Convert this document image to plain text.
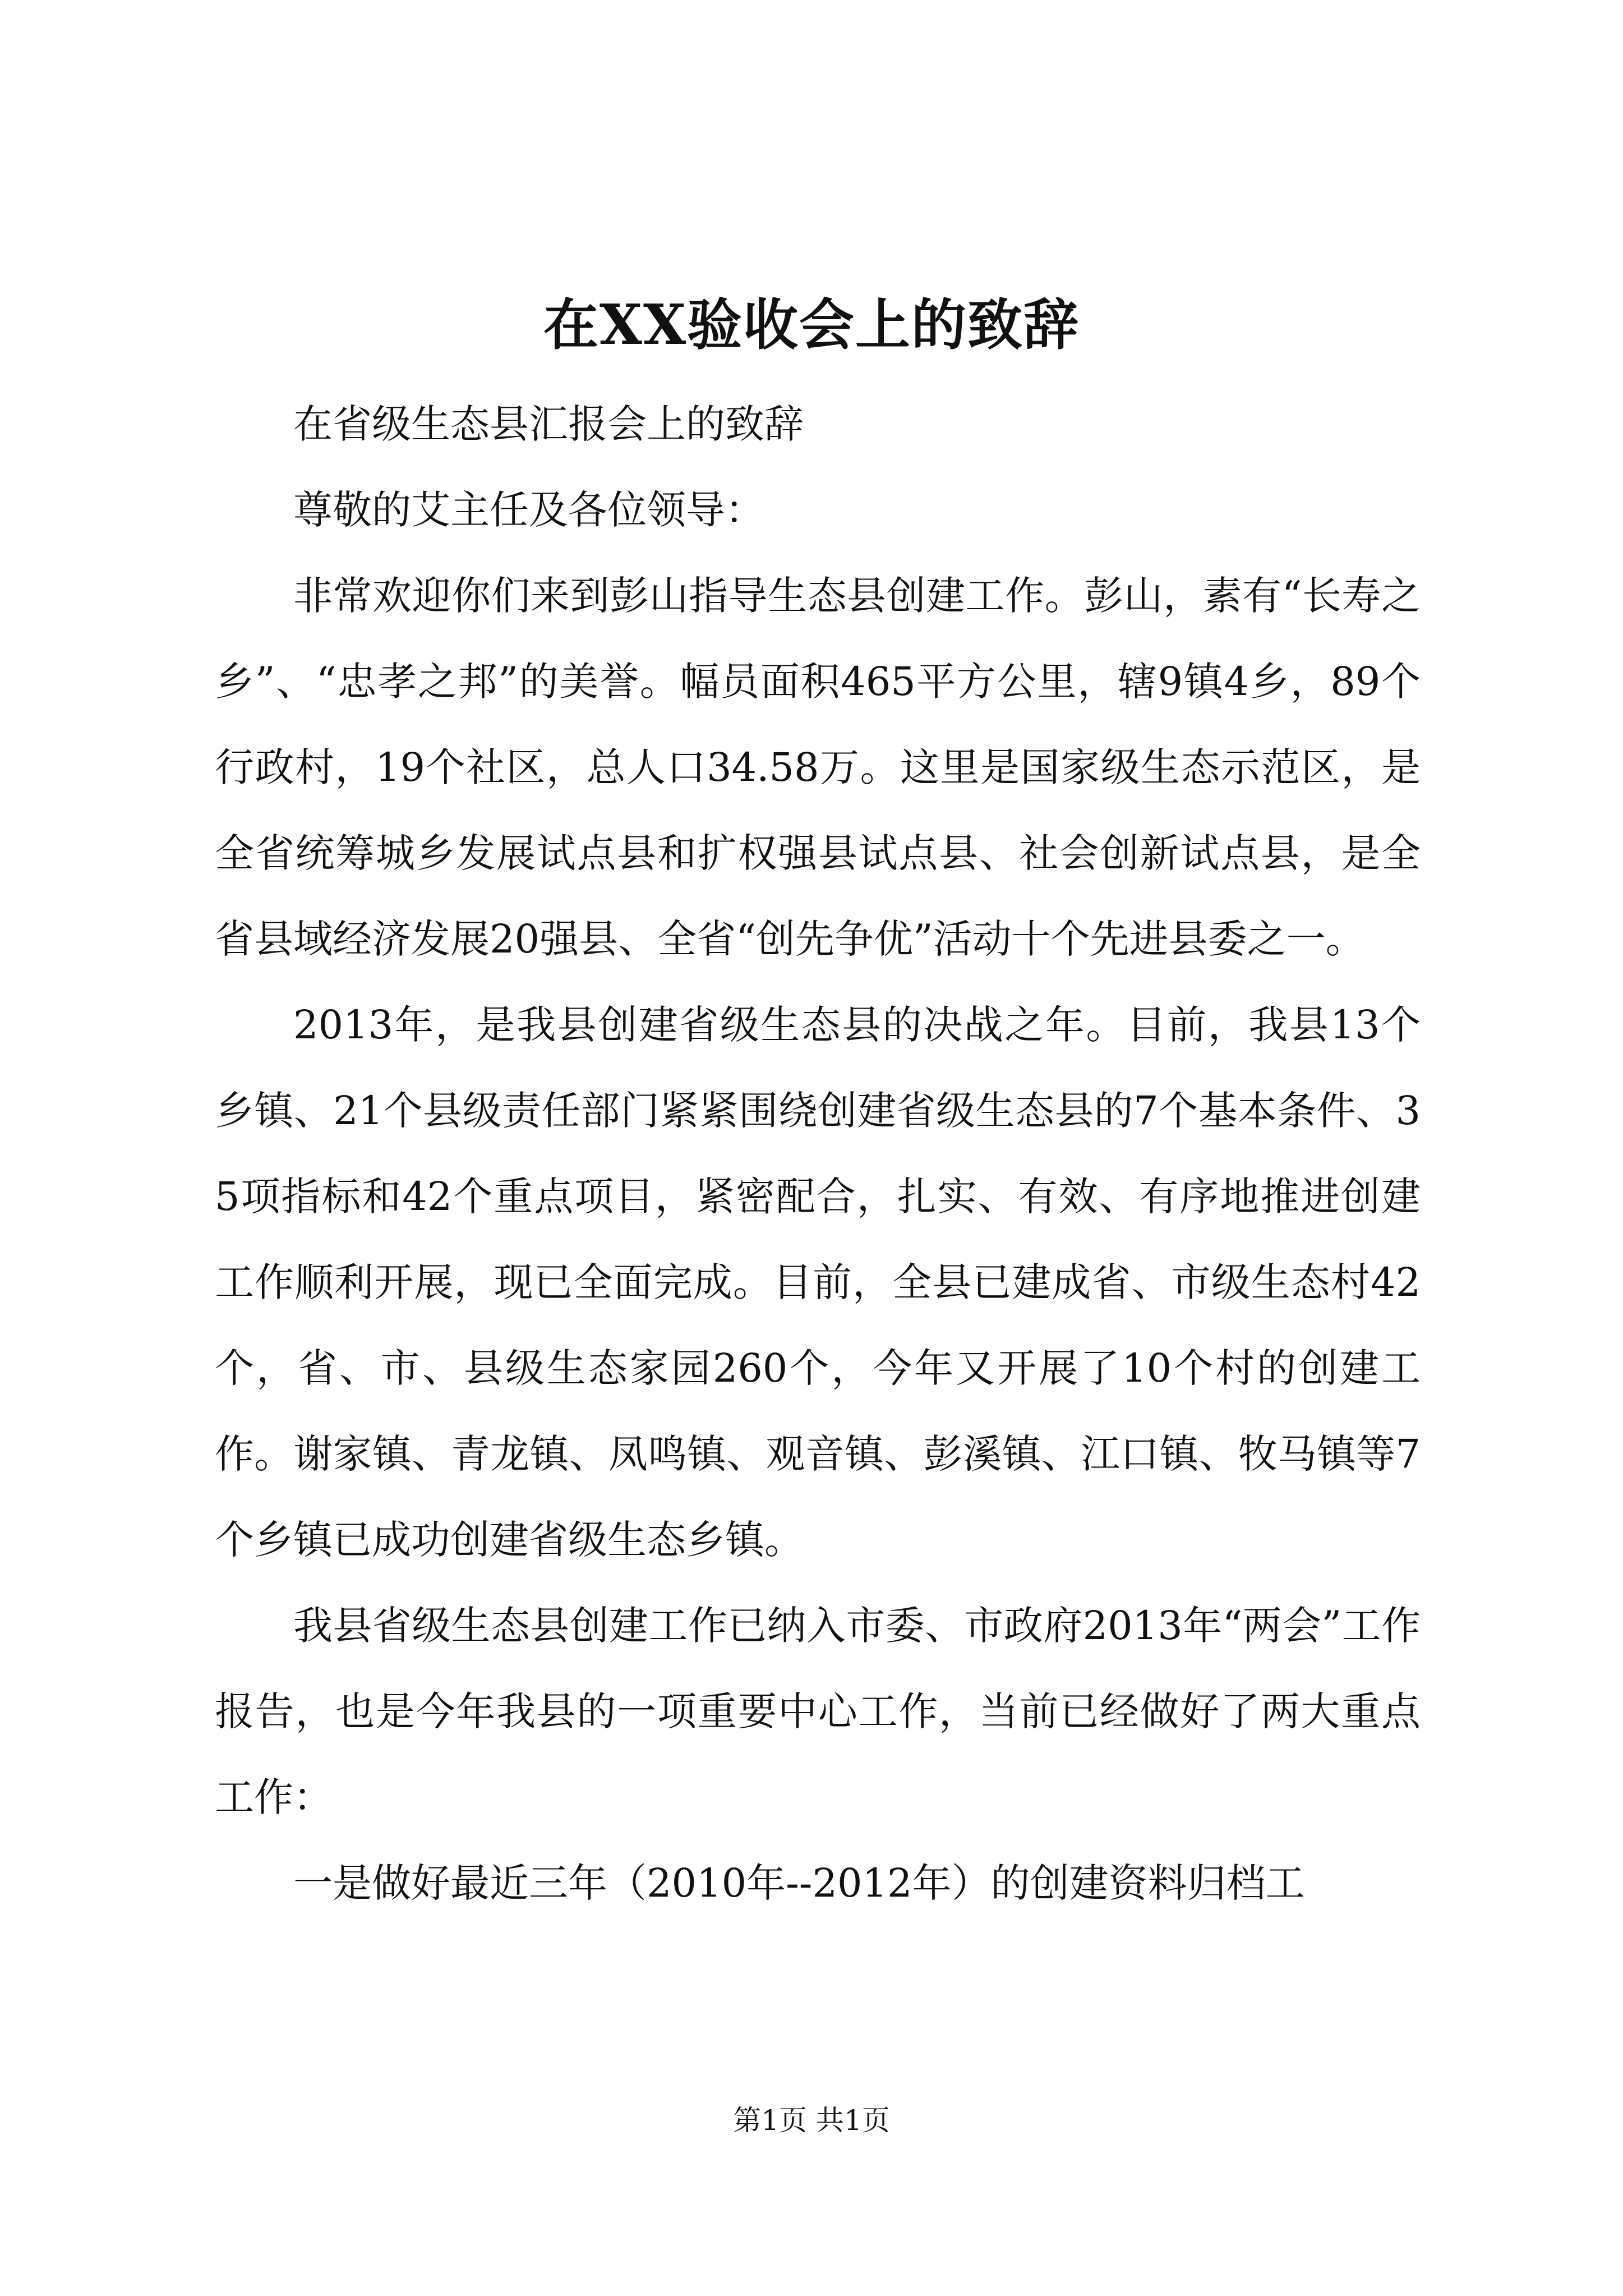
在XX验收会上的致辞

在省级生态县汇报会上的致辞

尊敬的艾主任及各位领导：

非常欢迎你们来到彭山指导生态县创建工作。彭山，素有“长寿之乡”、“忠孝之邦”的美誉。幅员面积465平方公里，辖9镇4乡，89个行政村，19个社区，总人口34.58万。这里是国家级生态示范区，是全省统筹城乡发展试点县和扩权强县试点县、社会创新试点县，是全省县域经济发展20强县、全省“创先争优”活动十个先进县委之一。

2013年，是我县创建省级生态县的决战之年。目前，我县13个乡镇、21个县级责任部门紧紧围绕创建省级生态县的7个基本条件、35项指标和42个重点项目，紧密配合，扎实、有效、有序地推进创建工作顺利开展，现已全面完成。目前，全县已建成省、市级生态村42个，省、市、县级生态家园260个，今年又开展了10个村的创建工作。谢家镇、青龙镇、凤鸣镇、观音镇、彭溪镇、江口镇、牧马镇等7个乡镇已成功创建省级生态乡镇。

我县省级生态县创建工作已纳入市委、市政府2013年“两会”工作报告，也是今年我县的一项重要中心工作，当前已经做好了两大重点工作：

一是做好最近三年（2010年--2012年）的创建资料归档工

第1页 共1页
